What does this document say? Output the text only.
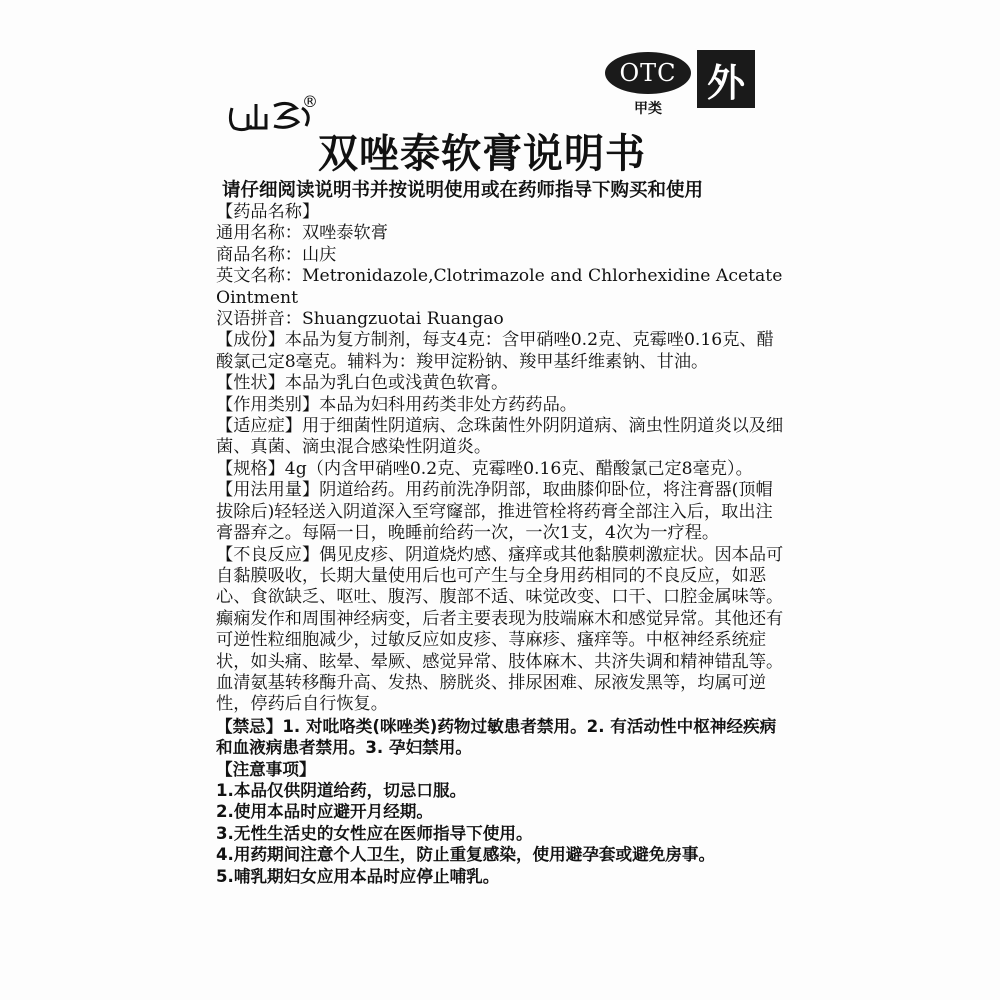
®
OTC
甲类
外
双唑泰软膏说明书
请仔细阅读说明书并按说明使用或在药师指导下购买和使用
【药品名称】
通用名称：双唑泰软膏
商品名称：山庆
英文名称：Metronidazole,Clotrimazole and Chlorhexidine Acetate Ointment
汉语拼音：Shuangzuotai Ruangao
【成份】本品为复方制剂，每支4克：含甲硝唑0.2克、克霉唑0.16克、醋酸氯己定8毫克。辅料为：羧甲淀粉钠、羧甲基纤维素钠、甘油。
【性状】本品为乳白色或浅黄色软膏。
【作用类别】本品为妇科用药类非处方药药品。
【适应症】用于细菌性阴道病、念珠菌性外阴阴道病、滴虫性阴道炎以及细菌、真菌、滴虫混合感染性阴道炎。
【规格】4g（内含甲硝唑0.2克、克霉唑0.16克、醋酸氯己定8毫克）。
【用法用量】阴道给药。用药前洗净阴部，取曲膝仰卧位，将注膏器(顶帽拔除后)轻轻送入阴道深入至穹窿部，推进管栓将药膏全部注入后，取出注膏器弃之。每隔一日，晚睡前给药一次，一次1支，4次为一疗程。
【不良反应】偶见皮疹、阴道烧灼感、瘙痒或其他黏膜刺激症状。因本品可自黏膜吸收，长期大量使用后也可产生与全身用药相同的不良反应，如恶心、食欲缺乏、呕吐、腹泻、腹部不适、味觉改变、口干、口腔金属味等。癫痫发作和周围神经病变，后者主要表现为肢端麻木和感觉异常。其他还有可逆性粒细胞减少，过敏反应如皮疹、荨麻疹、瘙痒等。中枢神经系统症状，如头痛、眩晕、晕厥、感觉异常、肢体麻木、共济失调和精神错乱等。血清氨基转移酶升高、发热、膀胱炎、排尿困难、尿液发黑等，均属可逆性，停药后自行恢复。
【禁忌】1. 对吡咯类(咪唑类)药物过敏患者禁用。2. 有活动性中枢神经疾病和血液病患者禁用。3. 孕妇禁用。
【注意事项】
1.本品仅供阴道给药，切忌口服。
2.使用本品时应避开月经期。
3.无性生活史的女性应在医师指导下使用。
4.用药期间注意个人卫生，防止重复感染，使用避孕套或避免房事。
5.哺乳期妇女应用本品时应停止哺乳。
